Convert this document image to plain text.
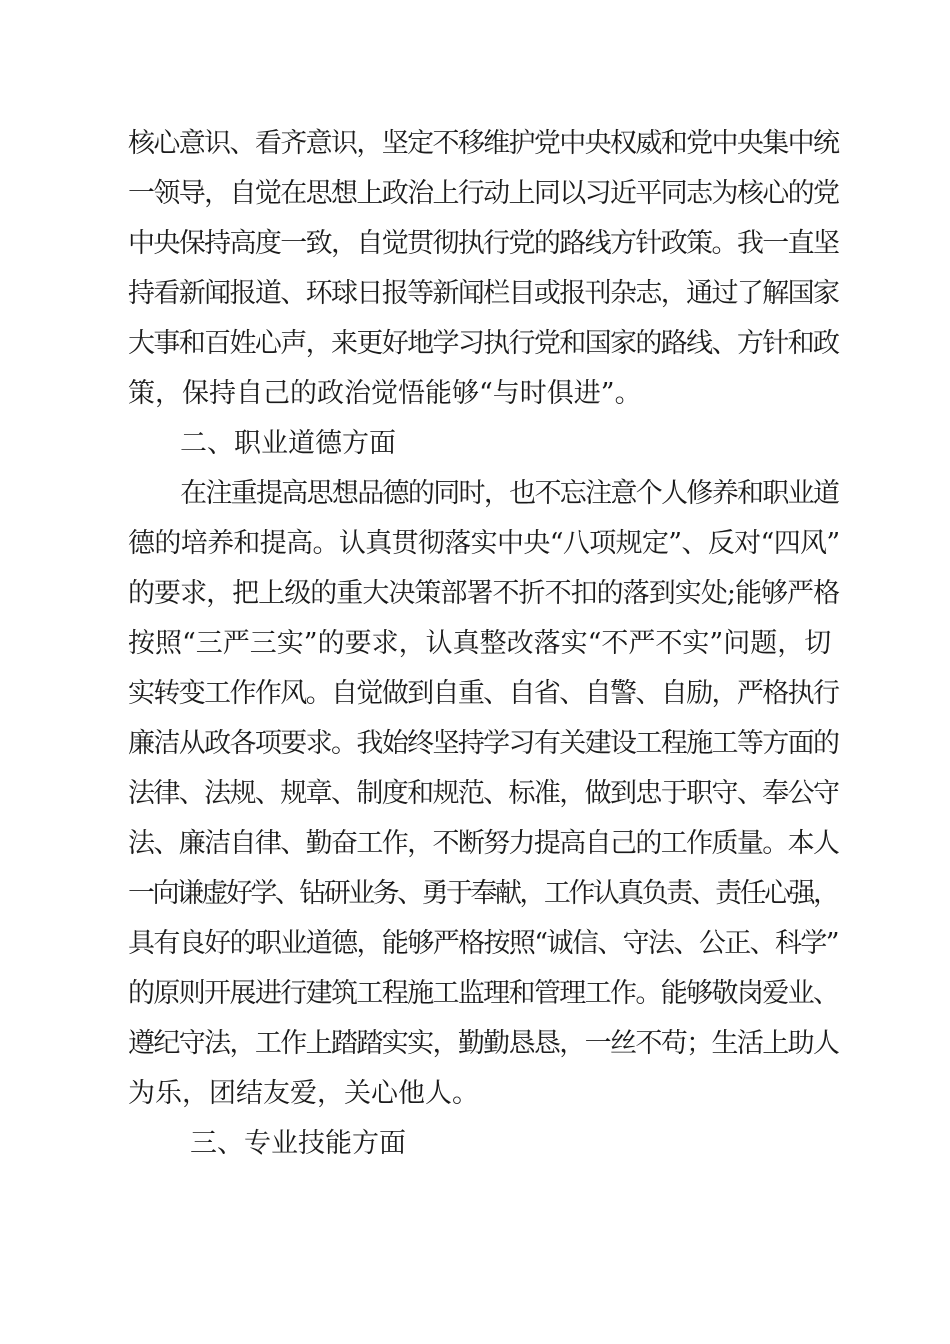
核心意识、看齐意识，坚定不移维护党中央权威和党中央集中统
一领导，自觉在思想上政治上行动上同以习近平同志为核心的党
中央保持高度一致，自觉贯彻执行党的路线方针政策。我一直坚
持看新闻报道、环球日报等新闻栏目或报刊杂志，通过了解国家
大事和百姓心声，来更好地学习执行党和国家的路线、方针和政
策，保持自己的政治觉悟能够“与时俱进”。
二、职业道德方面
在注重提高思想品德的同时，也不忘注意个人修养和职业道
德的培养和提高。认真贯彻落实中央“八项规定”、反对“四风”
的要求，把上级的重大决策部署不折不扣的落到实处;能够严格
按照“三严三实”的要求，认真整改落实“不严不实”问题，切
实转变工作作风。自觉做到自重、自省、自警、自励，严格执行
廉洁从政各项要求。我始终坚持学习有关建设工程施工等方面的
法律、法规、规章、制度和规范、标准，做到忠于职守、奉公守
法、廉洁自律、勤奋工作，不断努力提高自己的工作质量。本人
一向谦虚好学、钻研业务、勇于奉献，工作认真负责、责任心强，
具有良好的职业道德，能够严格按照“诚信、守法、公正、科学”
的原则开展进行建筑工程施工监理和管理工作。能够敬岗爱业、
遵纪守法，工作上踏踏实实，勤勤恳恳，一丝不苟；生活上助人
为乐，团结友爱，关心他人。
三、专业技能方面
